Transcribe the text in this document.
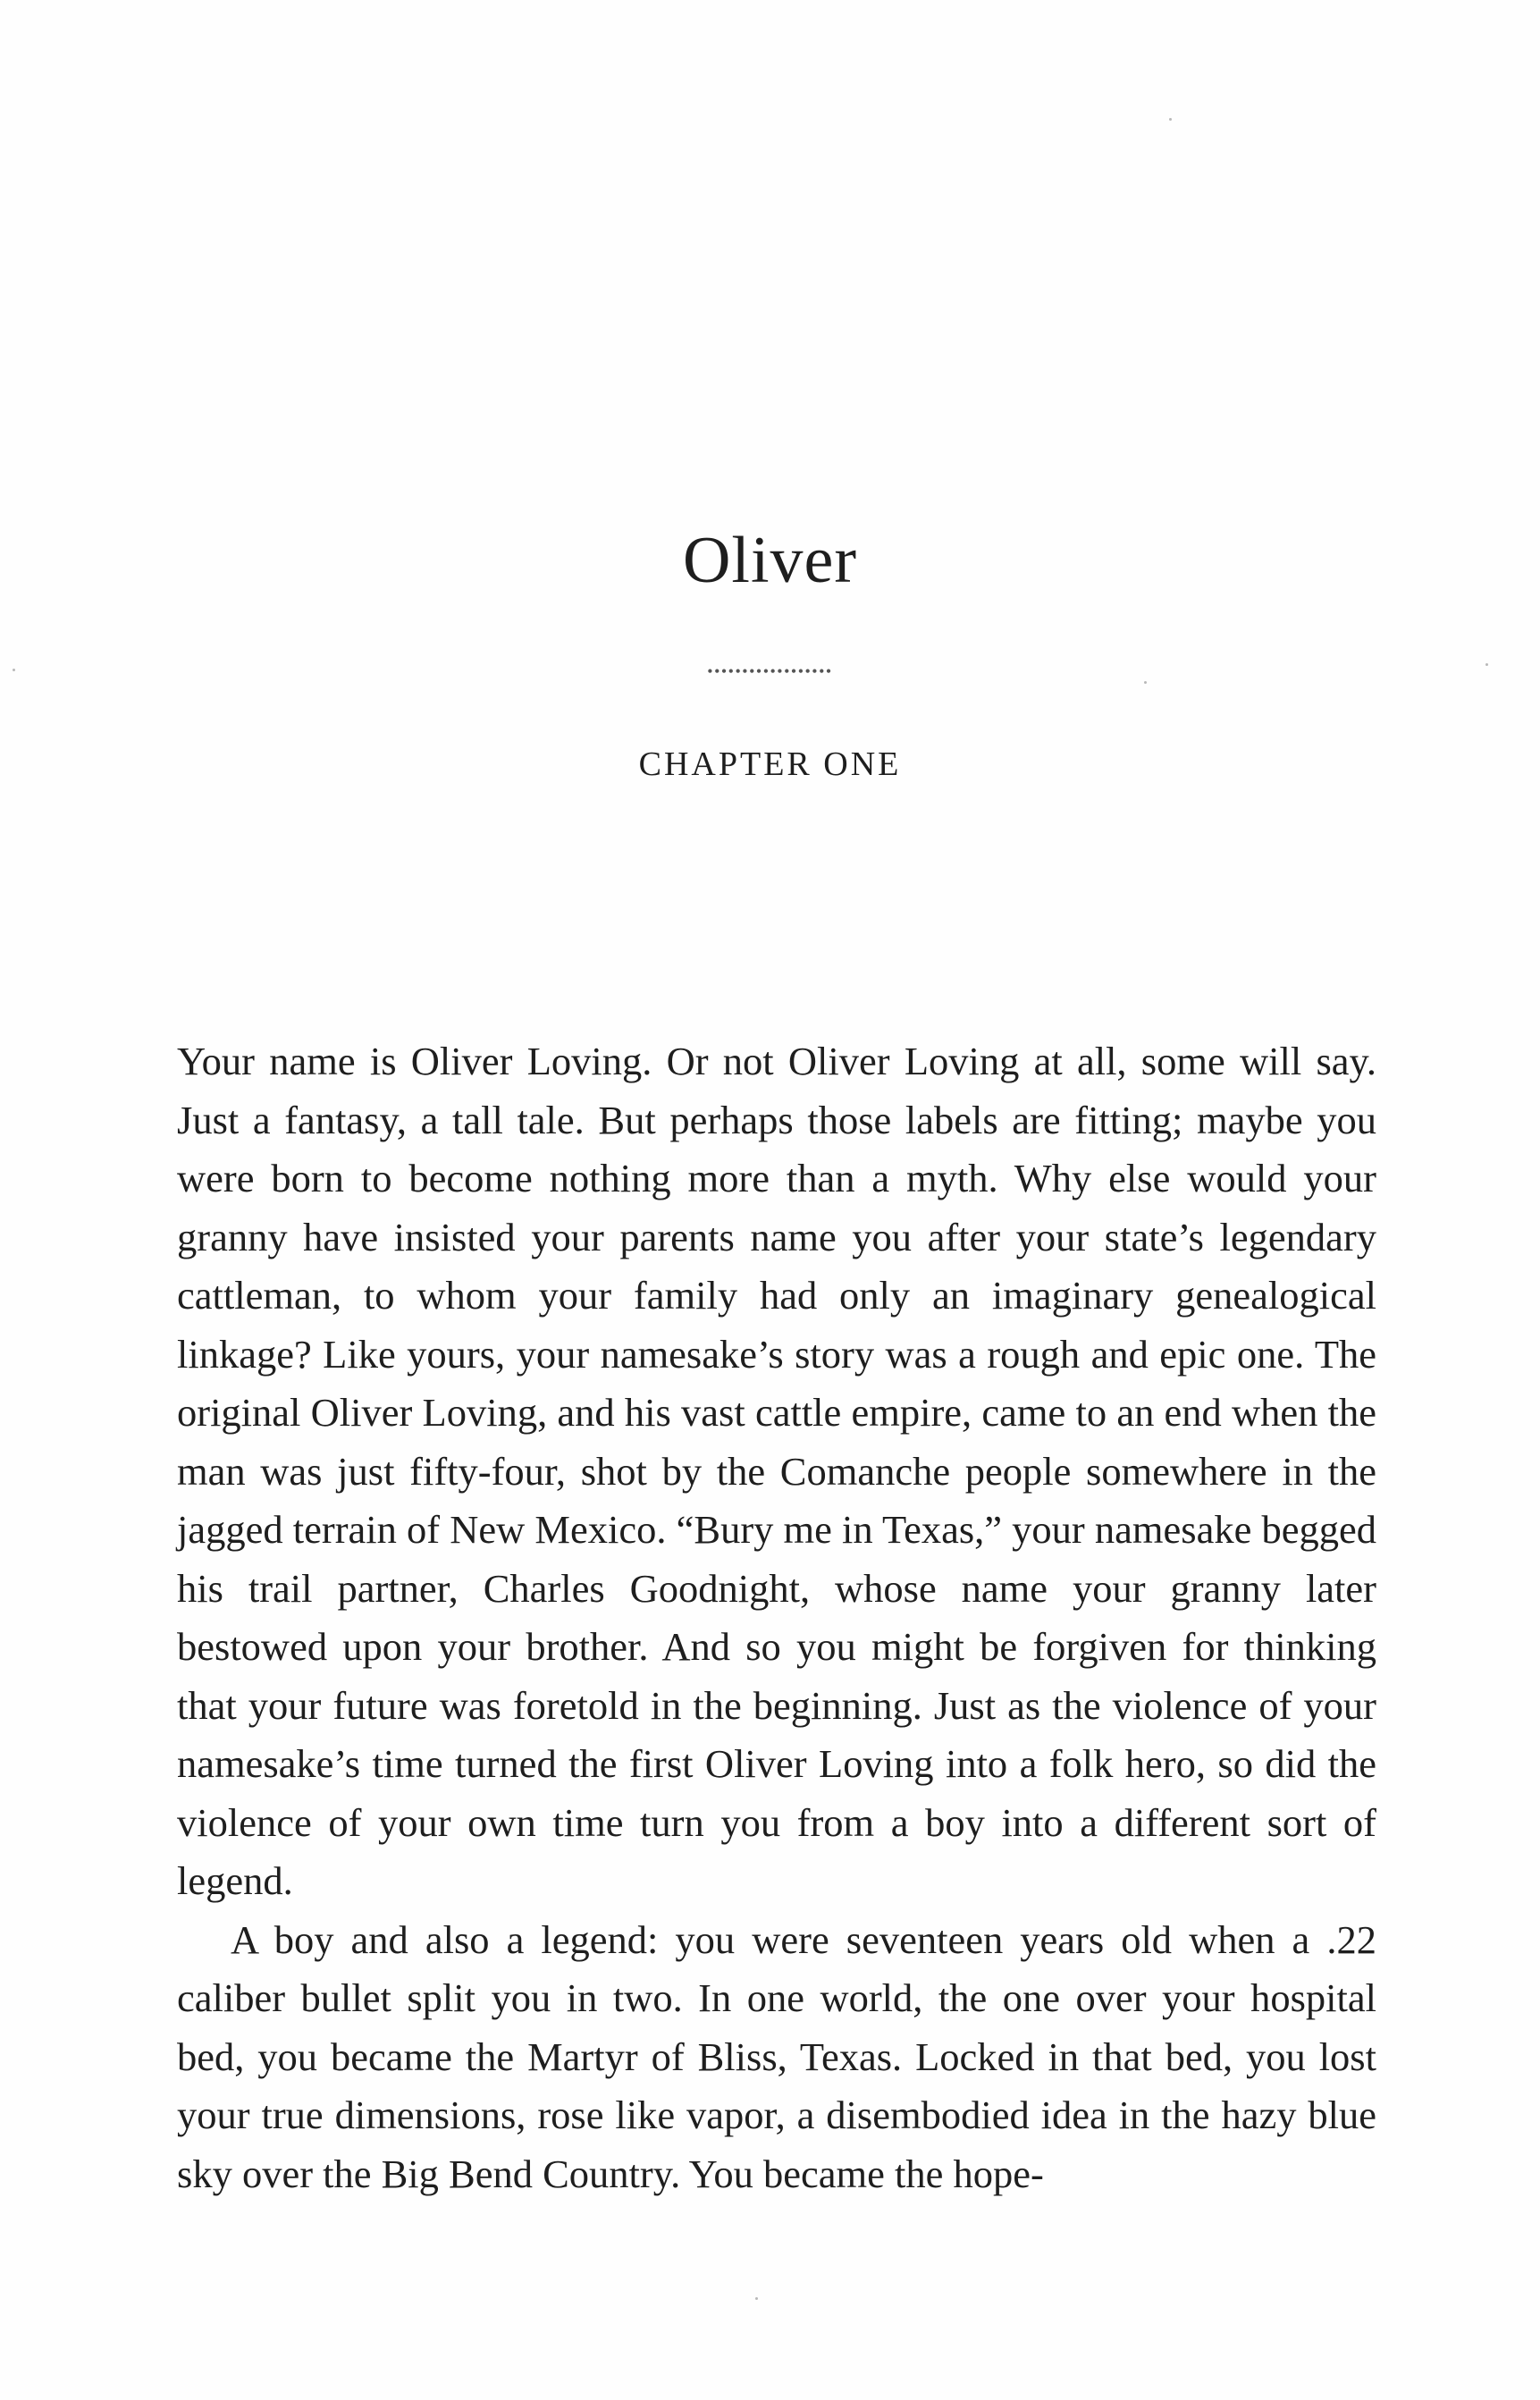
Oliver
••••••••••••••••••
CHAPTER ONE

Your name is Oliver Loving. Or not Oliver Loving at all, some will say. Just a fantasy, a tall tale. But perhaps those labels are fitting; maybe you were born to become nothing more than a myth. Why else would your granny have insisted your parents name you after your state’s legendary cattleman, to whom your family had only an imaginary genealogical linkage? Like yours, your namesake’s story was a rough and epic one. The original Oliver Loving, and his vast cattle empire, came to an end when the man was just fifty-four, shot by the Comanche people somewhere in the jagged terrain of New Mexico. “Bury me in Texas,” your namesake begged his trail partner, Charles Goodnight, whose name your granny later bestowed upon your brother. And so you might be forgiven for thinking that your future was foretold in the beginning. Just as the violence of your namesake’s time turned the first Oliver Loving into a folk hero, so did the violence of your own time turn you from a boy into a different sort of legend.

A boy and also a legend: you were seventeen years old when a .22 caliber bullet split you in two. In one world, the one over your hospital bed, you became the Martyr of Bliss, Texas. Locked in that bed, you lost your true dimensions, rose like vapor, a disembodied idea in the hazy blue sky over the Big Bend Country. You became the hope-
